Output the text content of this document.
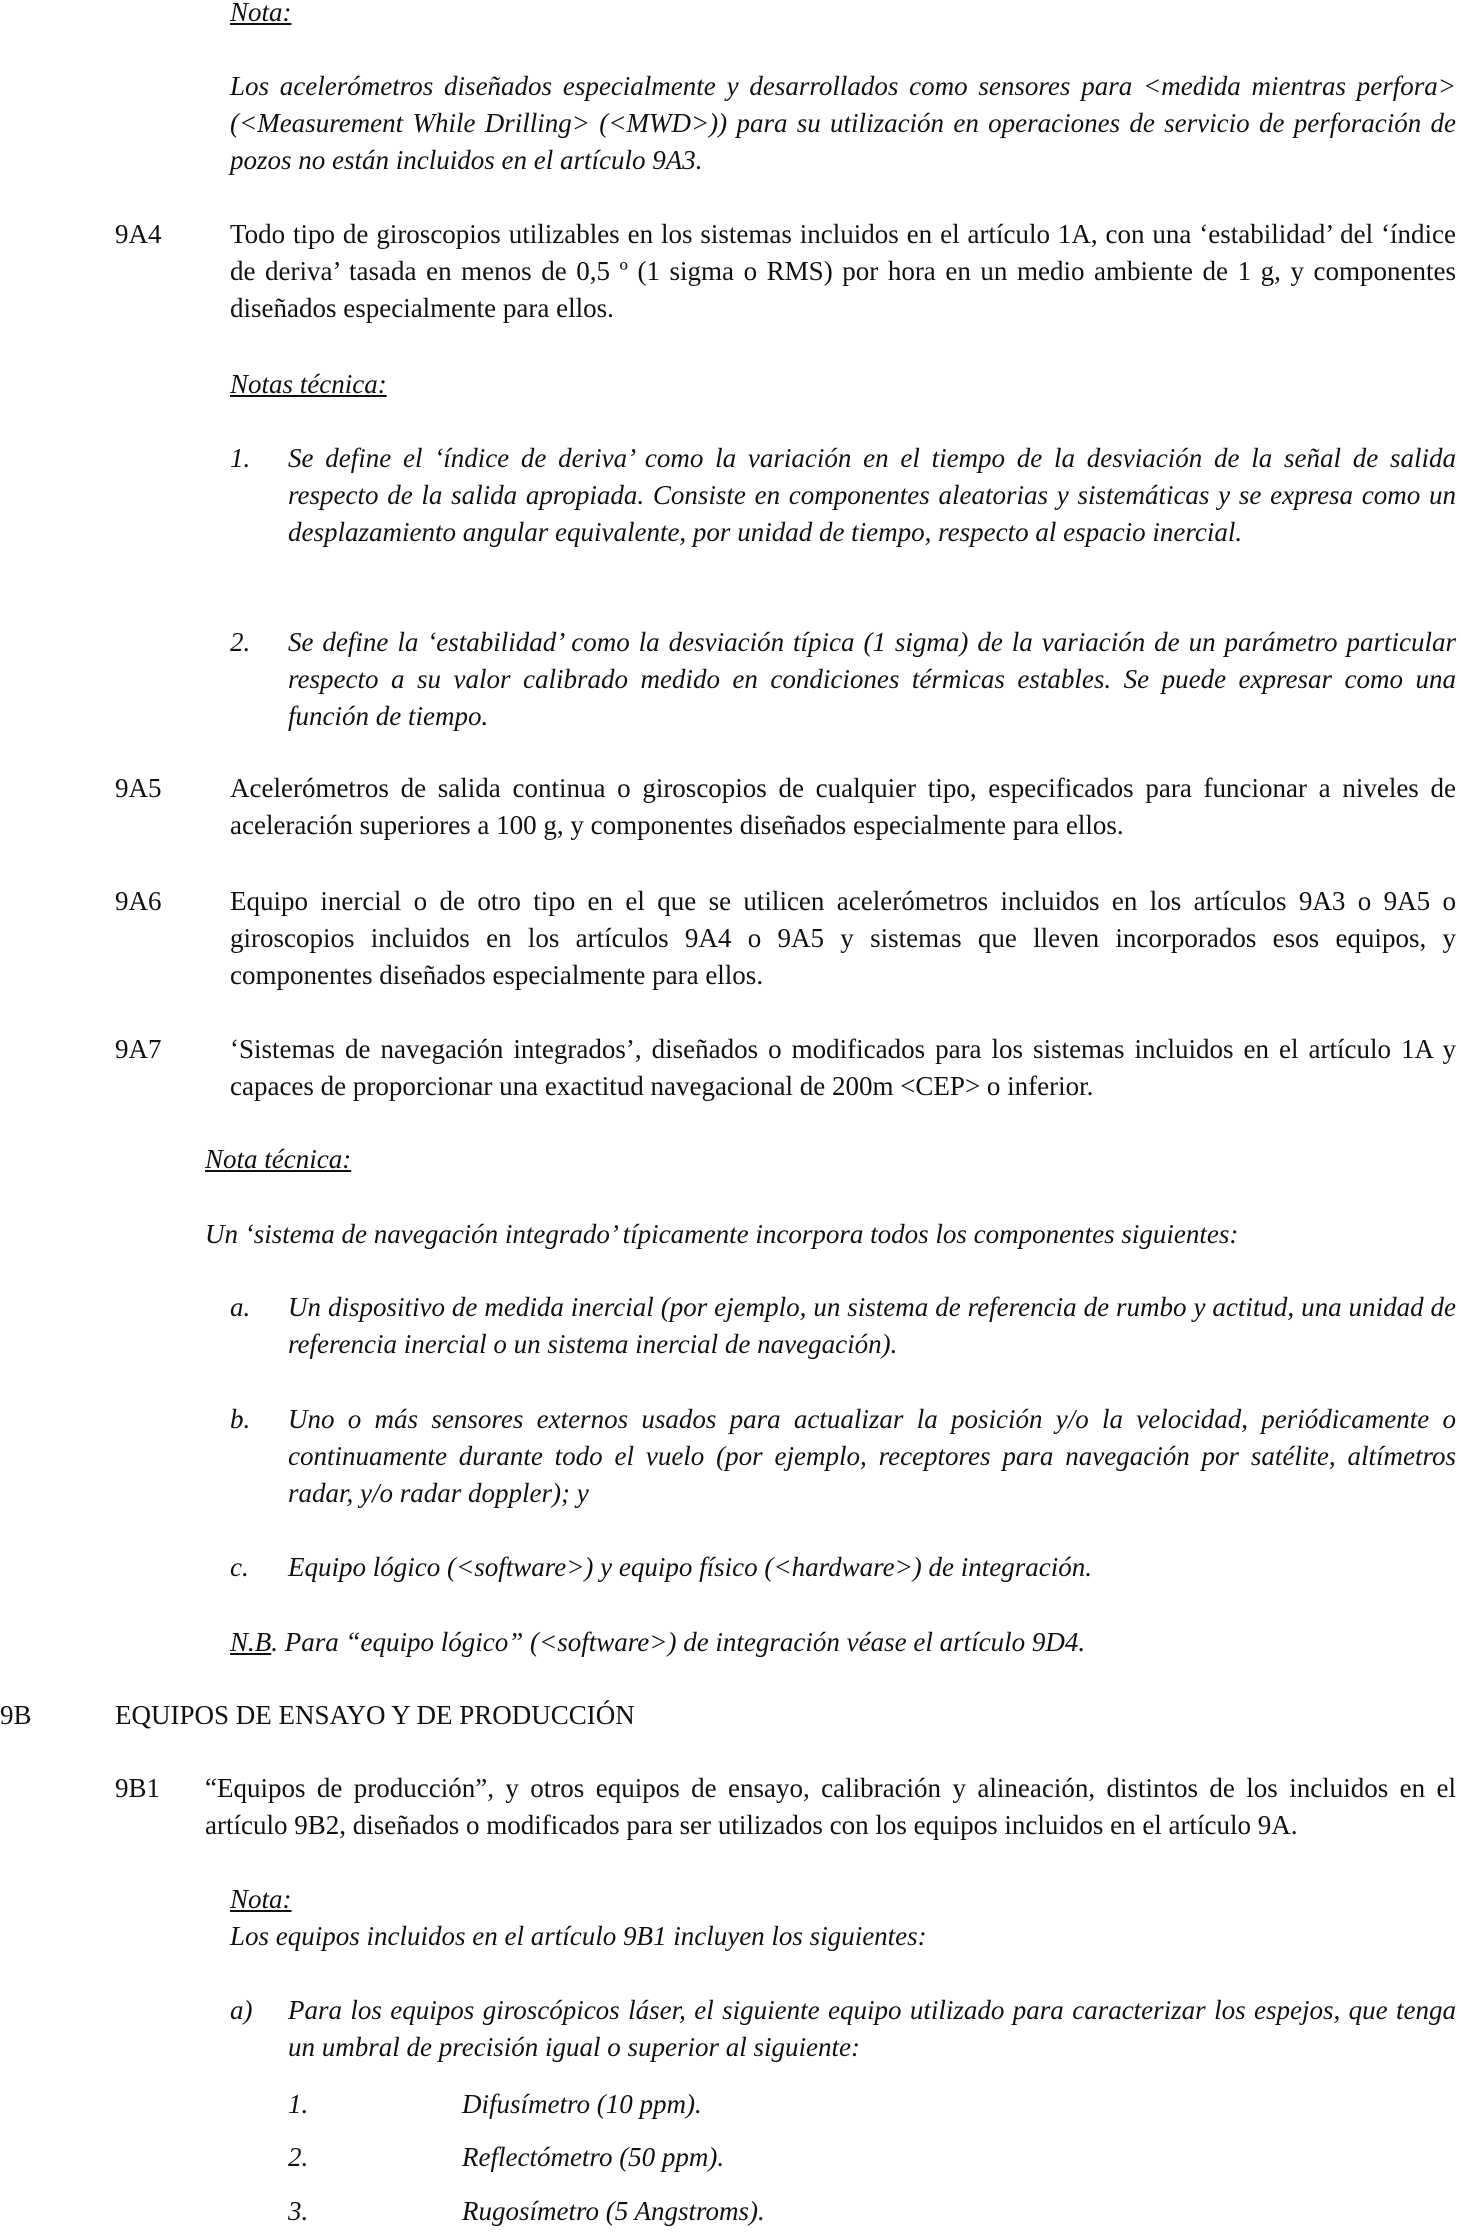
Nota:

Los acelerómetros diseñados especialmente y desarrollados como sensores para <medida mientras perfora> (<Measurement While Drilling> (<MWD>)) para su utilización en operaciones de servicio de perforación de pozos no están incluidos en el artículo 9A3.

9A4	Todo tipo de giroscopios utilizables en los sistemas incluidos en el artículo 1A, con una ‘estabilidad’ del ‘índice de deriva’ tasada en menos de 0,5 º (1 sigma o RMS) por hora en un medio ambiente de 1 g, y componentes diseñados especialmente para ellos.

Notas técnica:
1. Se define el ‘índice de deriva’ como la variación en el tiempo de la desviación de la señal de salida respecto de la salida apropiada. Consiste en componentes aleatorias y sistemáticas y se expresa como un desplazamiento angular equivalente, por unidad de tiempo, respecto al espacio inercial.

2. Se define la ‘estabilidad’ como la desviación típica (1 sigma) de la variación de un parámetro particular respecto a su valor calibrado medido en condiciones térmicas estables. Se puede expresar como una función de tiempo.

9A5	Acelerómetros de salida continua o giroscopios de cualquier tipo, especificados para funcionar a niveles de aceleración superiores a 100 g, y componentes diseñados especialmente para ellos.

9A6	Equipo inercial o de otro tipo en el que se utilicen acelerómetros incluidos en los artículos 9A3 o 9A5 o giroscopios incluidos en los artículos 9A4 o 9A5 y sistemas que lleven incorporados esos equipos, y componentes diseñados especialmente para ellos.

9A7	‘Sistemas de navegación integrados’, diseñados o modificados para los sistemas incluidos en el artículo 1A y capaces de proporcionar una exactitud navegacional de 200m <CEP> o inferior.

Nota técnica:

Un ‘sistema de navegación integrado’ típicamente incorpora todos los componentes siguientes:

a. Un dispositivo de medida inercial (por ejemplo, un sistema de referencia de rumbo y actitud, una unidad de referencia inercial o un sistema inercial de navegación).

b. Uno o más sensores externos usados para actualizar la posición y/o la velocidad, periódicamente o continuamente durante todo el vuelo (por ejemplo, receptores para navegación por satélite, altímetros radar, y/o radar doppler); y

c. Equipo lógico (<software>) y equipo físico (<hardware>) de integración.

N.B. Para “equipo lógico” (<software>) de integración véase el artículo 9D4.

9B	EQUIPOS DE ENSAYO Y DE PRODUCCIÓN
9B1 “Equipos de producción”, y otros equipos de ensayo, calibración y alineación, distintos de los incluidos en el artículo 9B2, diseñados o modificados para ser utilizados con los equipos incluidos en el artículo 9A.

Nota:

Los equipos incluidos en el artículo 9B1 incluyen los siguientes:

a) Para los equipos giroscópicos láser, el siguiente equipo utilizado para caracterizar los espejos, que tenga un umbral de precisión igual o superior al siguiente:

1.	Difusímetro (10 ppm).
2.	Reflectómetro (50 ppm).
3.	Rugosímetro (5 Angstroms).
